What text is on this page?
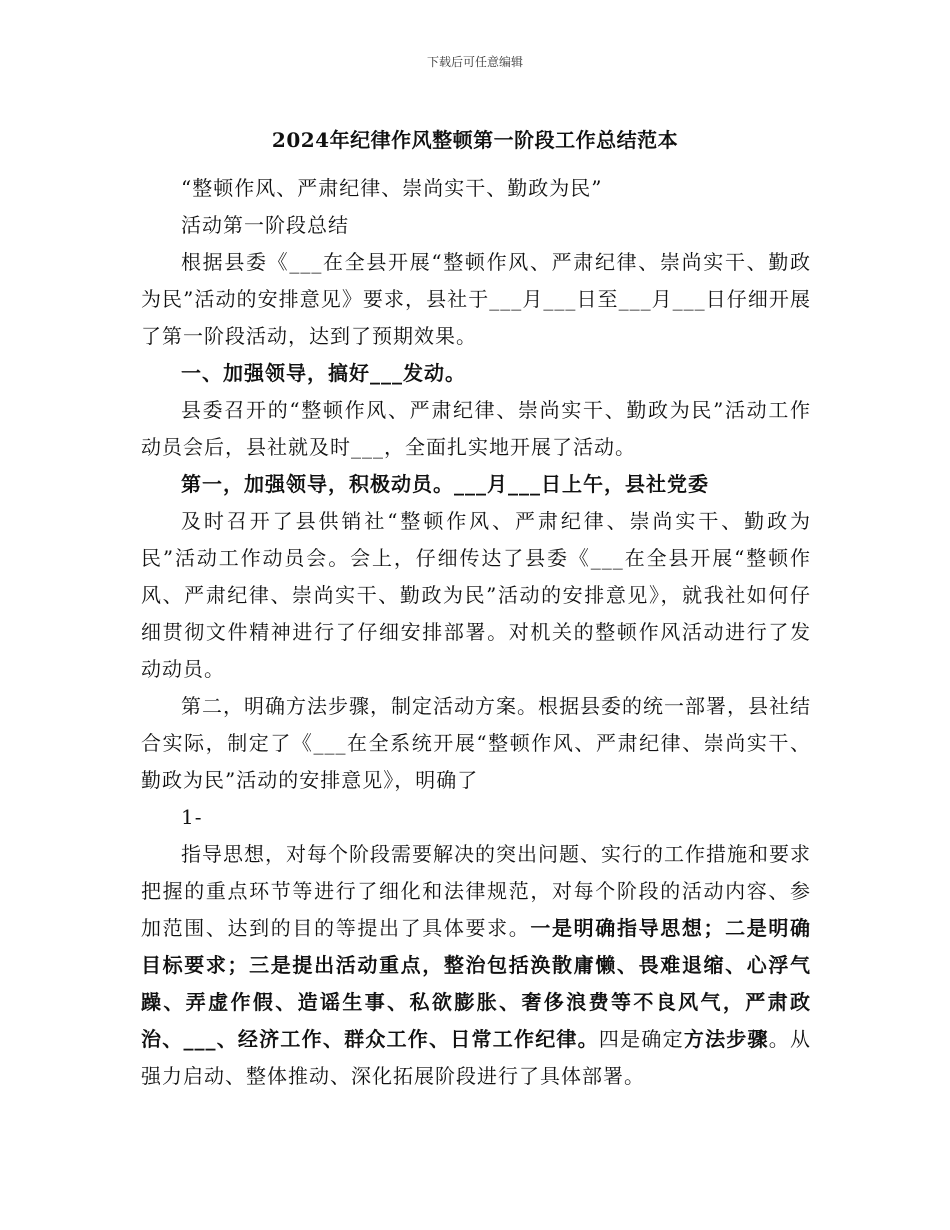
下载后可任意编辑
2024年纪律作风整顿第一阶段工作总结范本

“整顿作风、严肃纪律、崇尚实干、勤政为民”

活动第一阶段总结

根据县委《___在全县开展“整顿作风、严肃纪律、崇尚实干、勤政为民”活动的安排意见》要求，县社于___月___日至___月___日仔细开展了第一阶段活动，达到了预期效果。

一、加强领导，搞好___发动。

县委召开的“整顿作风、严肃纪律、崇尚实干、勤政为民”活动工作动员会后，县社就及时___，全面扎实地开展了活动。

第一，加强领导，积极动员。___月___日上午，县社党委

及时召开了县供销社“整顿作风、严肃纪律、崇尚实干、勤政为民”活动工作动员会。会上，仔细传达了县委《___在全县开展“整顿作风、严肃纪律、崇尚实干、勤政为民”活动的安排意见》，就我社如何仔细贯彻文件精神进行了仔细安排部署。对机关的整顿作风活动进行了发动动员。

第二，明确方法步骤，制定活动方案。根据县委的统一部署，县社结合实际，制定了《___在全系统开展“整顿作风、严肃纪律、崇尚实干、勤政为民”活动的安排意见》，明确了

1-

指导思想，对每个阶段需要解决的突出问题、实行的工作措施和要求把握的重点环节等进行了细化和法律规范，对每个阶段的活动内容、参加范围、达到的目的等提出了具体要求。一是明确指导思想；二是明确目标要求；三是提出活动重点，整治包括涣散庸懒、畏难退缩、心浮气躁、弄虚作假、造谣生事、私欲膨胀、奢侈浪费等不良风气，严肃政治、___、经济工作、群众工作、日常工作纪律。四是确定方法步骤。从强力启动、整体推动、深化拓展阶段进行了具体部署。
